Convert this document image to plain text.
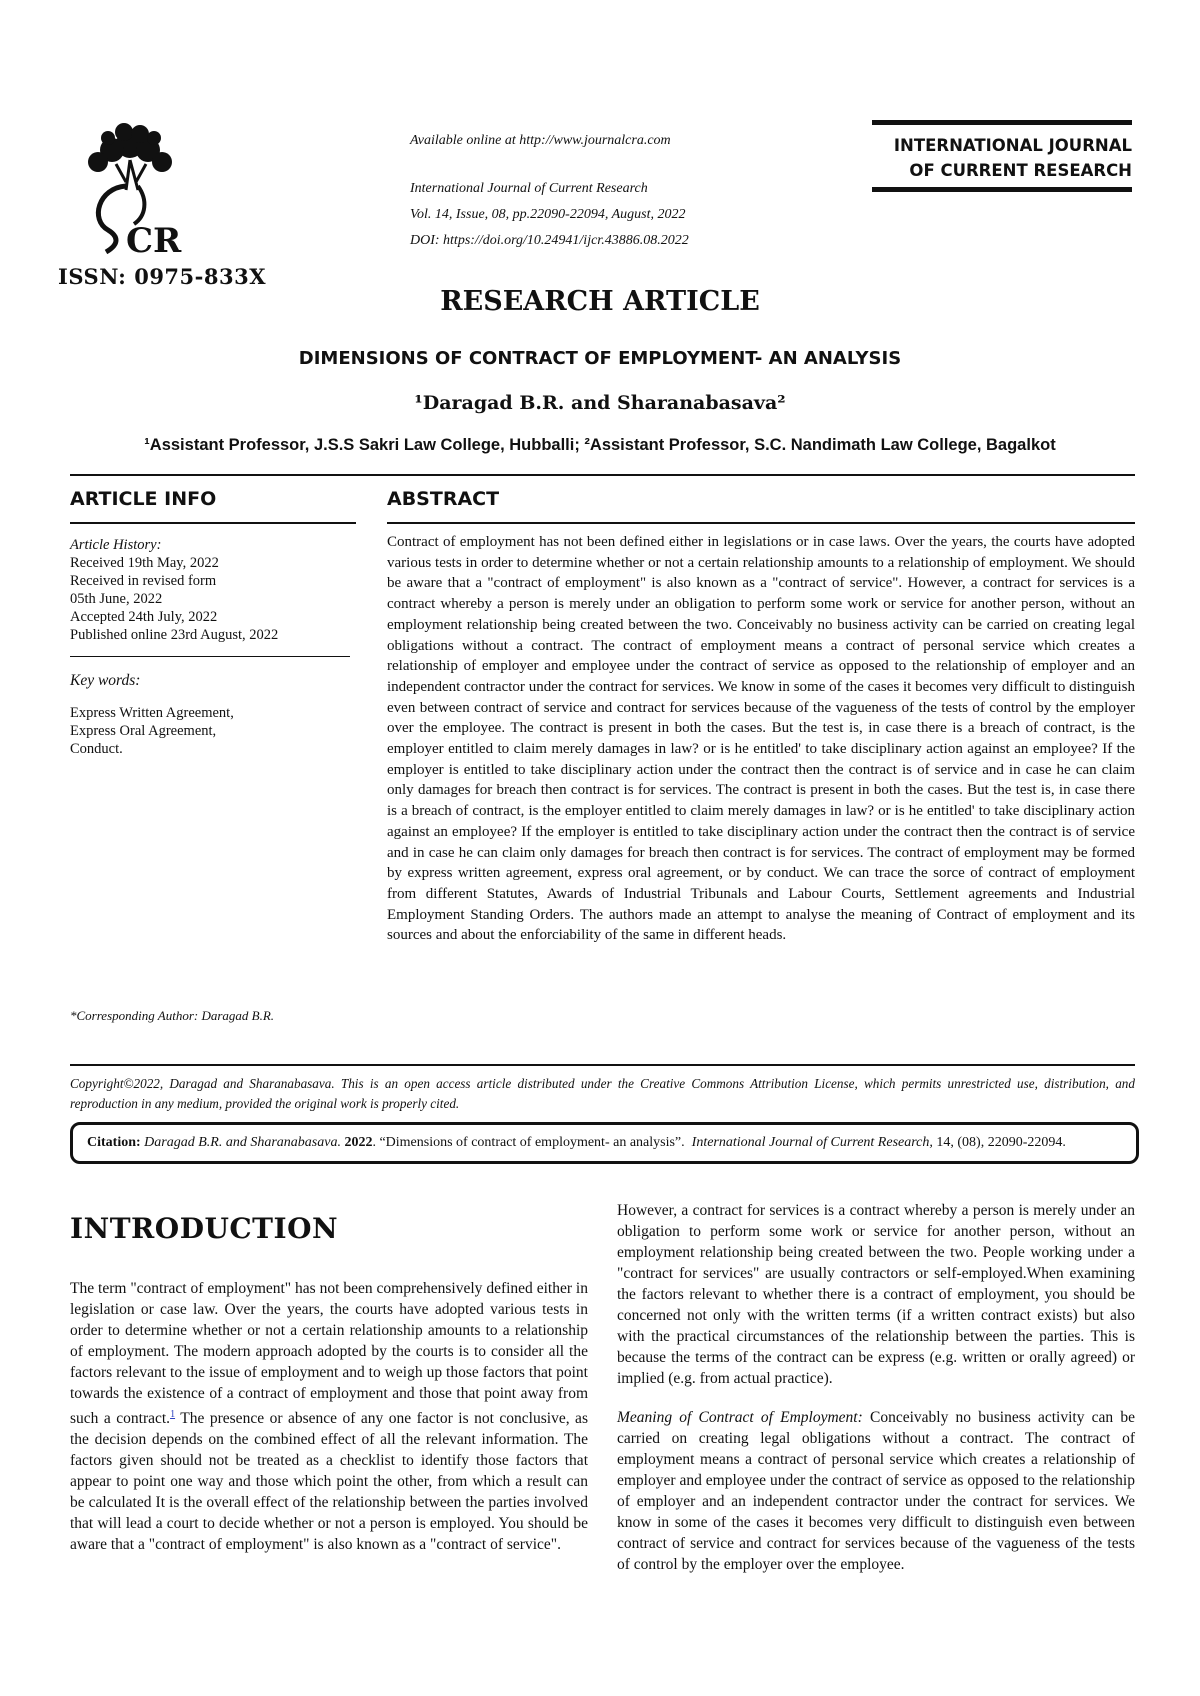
CR
ISSN: 0975-833X
Available online at http://www.journalcra.com
International Journal of Current Research
Vol. 14, Issue, 08, pp.22090-22094, August, 2022
DOI: https://doi.org/10.24941/ijcr.43886.08.2022
INTERNATIONAL JOURNAL
OF CURRENT RESEARCH
RESEARCH ARTICLE
DIMENSIONS OF CONTRACT OF EMPLOYMENT- AN ANALYSIS
¹Daragad B.R. and Sharanabasava²
¹Assistant Professor, J.S.S Sakri Law College, Hubballi; ²Assistant Professor, S.C. Nandimath Law College, Bagalkot
ARTICLE INFO
Article History:
Received 19th May, 2022
Received in revised form
05th June, 2022
Accepted 24th July, 2022
Published online 23rd August, 2022
Key words:
Express Written Agreement,
Express Oral Agreement,
Conduct.
*Corresponding Author: Daragad B.R.
ABSTRACT
Contract of employment has not been defined either in legislations or in case laws. Over the years, the courts have adopted various tests in order to determine whether or not a certain relationship amounts to a relationship of employment. We should be aware that a "contract of employment" is also known as a "contract of service". However, a contract for services is a contract whereby a person is merely under an obligation to perform some work or service for another person, without an employment relationship being created between the two. Conceivably no business activity can be carried on creating legal obligations without a contract. The contract of employment means a contract of personal service which creates a relationship of employer and employee under the contract of service as opposed to the relationship of employer and an independent contractor under the contract for services. We know in some of the cases it becomes very difficult to distinguish even between contract of service and contract for services because of the vagueness of the tests of control by the employer over the employee. The contract is present in both the cases. But the test is, in case there is a breach of contract, is the employer entitled to claim merely damages in law? or is he entitled' to take disciplinary action against an employee? If the employer is entitled to take disciplinary action under the contract then the contract is of service and in case he can claim only damages for breach then contract is for services. The contract is present in both the cases. But the test is, in case there is a breach of contract, is the employer entitled to claim merely damages in law? or is he entitled' to take disciplinary action against an employee? If the employer is entitled to take disciplinary action under the contract then the contract is of service and in case he can claim only damages for breach then contract is for services. The contract of employment may be formed by express written agreement, express oral agreement, or by conduct. We can trace the sorce of contract of employment from different Statutes, Awards of Industrial Tribunals and Labour Courts, Settlement agreements and Industrial Employment Standing Orders. The authors made an attempt to analyse the meaning of Contract of employment and its sources and about the enforciability of the same in different heads.
Copyright©2022, Daragad and Sharanabasava. This is an open access article distributed under the Creative Commons Attribution License, which permits unrestricted use, distribution, and reproduction in any medium, provided the original work is properly cited.
Citation: Daragad B.R. and Sharanabasava. 2022. “Dimensions of contract of employment- an analysis”. International Journal of Current Research, 14, (08), 22090-22094.
INTRODUCTION
The term "contract of employment" has not been comprehensively defined either in legislation or case law. Over the years, the courts have adopted various tests in order to determine whether or not a certain relationship amounts to a relationship of employment. The modern approach adopted by the courts is to consider all the factors relevant to the issue of employment and to weigh up those factors that point towards the existence of a contract of employment and those that point away from such a contract.$^1$ The presence or absence of any one factor is not conclusive, as the decision depends on the combined effect of all the relevant information. The factors given should not be treated as a checklist to identify those factors that appear to point one way and those which point the other, from which a result can be calculated It is the overall effect of the relationship between the parties involved that will lead a court to decide whether or not a person is employed. You should be aware that a "contract of employment" is also known as a "contract of service".

However, a contract for services is a contract whereby a person is merely under an obligation to perform some work or service for another person, without an employment relationship being created between the two. People working under a "contract for services" are usually contractors or self-employed.When examining the factors relevant to whether there is a contract of employment, you should be concerned not only with the written terms (if a written contract exists) but also with the practical circumstances of the relationship between the parties. This is because the terms of the contract can be express (e.g. written or orally agreed) or implied (e.g. from actual practice).

Meaning of Contract of Employment: Conceivably no business activity can be carried on creating legal obligations without a contract. The contract of employment means a contract of personal service which creates a relationship of employer and employee under the contract of service as opposed to the relationship of employer and an independent contractor under the contract for services. We know in some of the cases it becomes very difficult to distinguish even between contract of service and contract for services because of the vagueness of the tests of control by the employer over the employee.
